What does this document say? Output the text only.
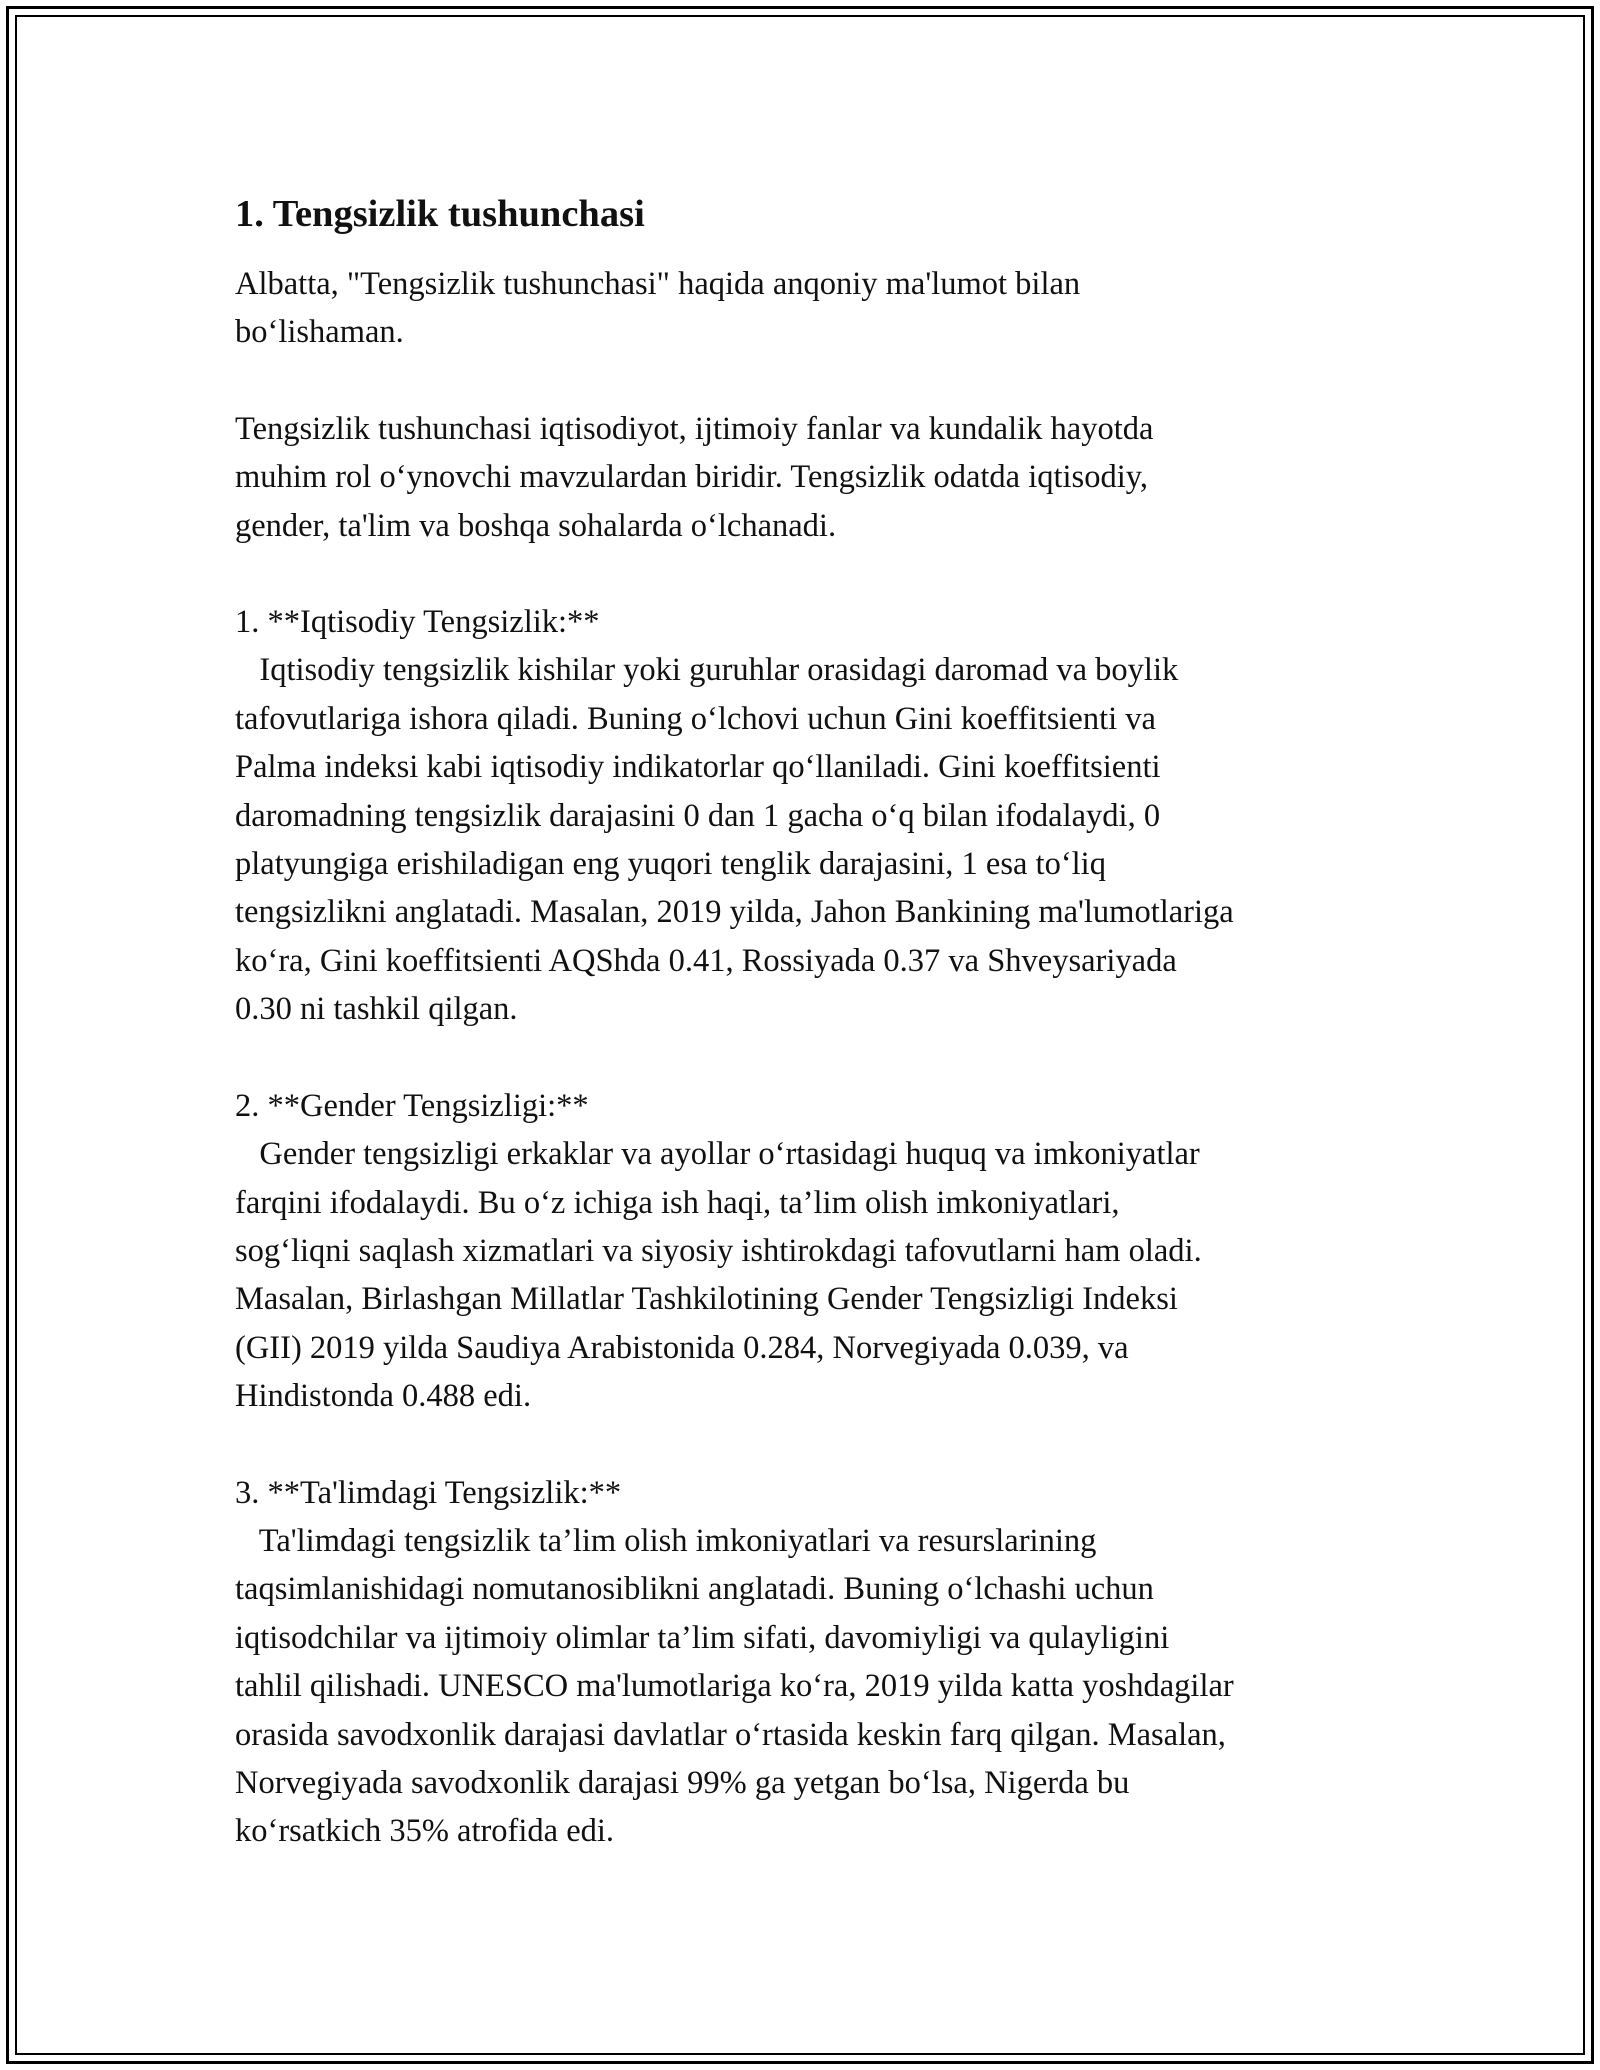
1. Tengsizlik tushunchasi
Albatta, "Tengsizlik tushunchasi" haqida anqoniy ma'lumot bilan
bo‘lishaman.
Tengsizlik tushunchasi iqtisodiyot, ijtimoiy fanlar va kundalik hayotda
muhim rol o‘ynovchi mavzulardan biridir. Tengsizlik odatda iqtisodiy,
gender, ta'lim va boshqa sohalarda o‘lchanadi.
1. **Iqtisodiy Tengsizlik:**
Iqtisodiy tengsizlik kishilar yoki guruhlar orasidagi daromad va boylik
tafovutlariga ishora qiladi. Buning o‘lchovi uchun Gini koeffitsienti va
Palma indeksi kabi iqtisodiy indikatorlar qo‘llaniladi. Gini koeffitsienti
daromadning tengsizlik darajasini 0 dan 1 gacha o‘q bilan ifodalaydi, 0
platyungiga erishiladigan eng yuqori tenglik darajasini, 1 esa to‘liq
tengsizlikni anglatadi. Masalan, 2019 yilda, Jahon Bankining ma'lumotlariga
ko‘ra, Gini koeffitsienti AQShda 0.41, Rossiyada 0.37 va Shveysariyada
0.30 ni tashkil qilgan.
2. **Gender Tengsizligi:**
Gender tengsizligi erkaklar va ayollar o‘rtasidagi huquq va imkoniyatlar
farqini ifodalaydi. Bu o‘z ichiga ish haqi, ta’lim olish imkoniyatlari,
sog‘liqni saqlash xizmatlari va siyosiy ishtirokdagi tafovutlarni ham oladi.
Masalan, Birlashgan Millatlar Tashkilotining Gender Tengsizligi Indeksi
(GII) 2019 yilda Saudiya Arabistonida 0.284, Norvegiyada 0.039, va
Hindistonda 0.488 edi.
3. **Ta'limdagi Tengsizlik:**
Ta'limdagi tengsizlik ta’lim olish imkoniyatlari va resurslarining
taqsimlanishidagi nomutanosiblikni anglatadi. Buning o‘lchashi uchun
iqtisodchilar va ijtimoiy olimlar ta’lim sifati, davomiyligi va qulayligini
tahlil qilishadi. UNESCO ma'lumotlariga ko‘ra, 2019 yilda katta yoshdagilar
orasida savodxonlik darajasi davlatlar o‘rtasida keskin farq qilgan. Masalan,
Norvegiyada savodxonlik darajasi 99% ga yetgan bo‘lsa, Nigerda bu
ko‘rsatkich 35% atrofida edi.
